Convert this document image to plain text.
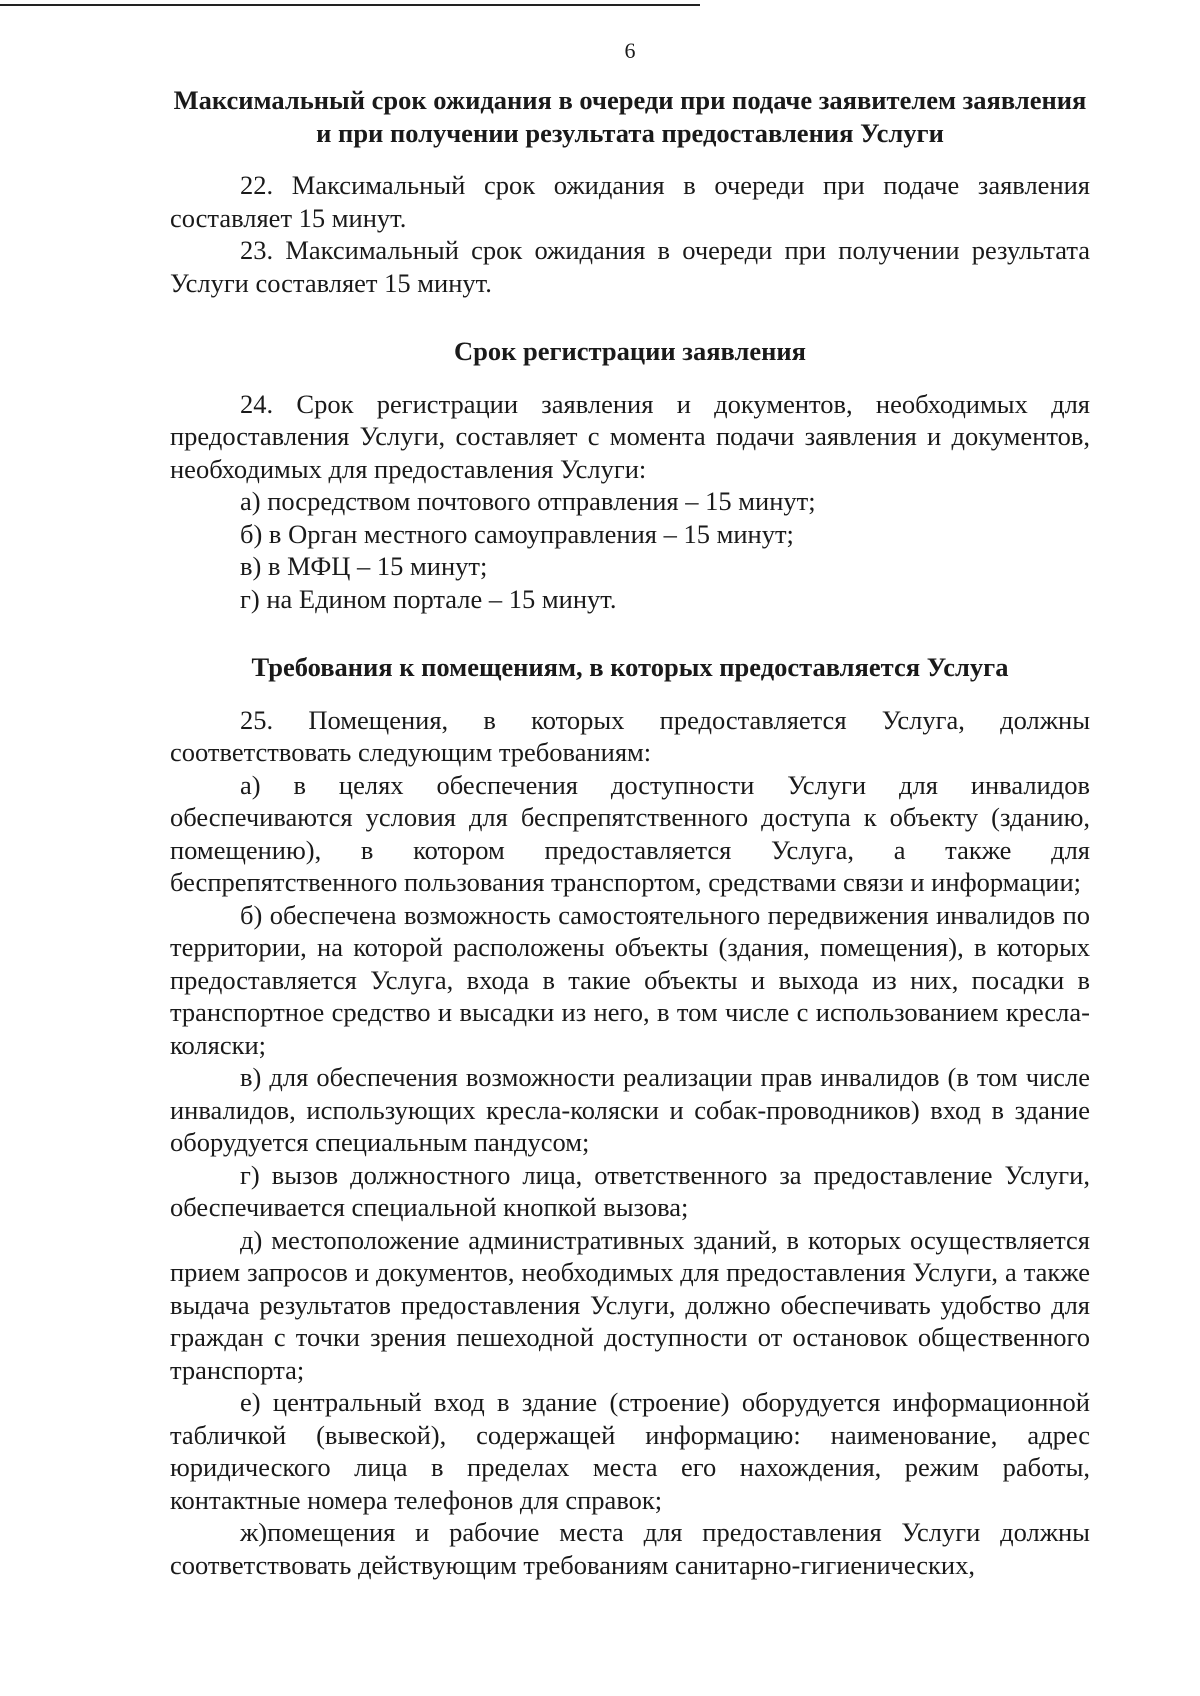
6

Максимальный срок ожидания в очереди при подаче заявителем заявления и при получении результата предоставления Услуги

22. Максимальный срок ожидания в очереди при подаче заявления составляет 15 минут.

23. Максимальный срок ожидания в очереди при получении результата Услуги составляет 15 минут.

Срок регистрации заявления

24. Срок регистрации заявления и документов, необходимых для предоставления Услуги, составляет с момента подачи заявления и документов, необходимых для предоставления Услуги:

а) посредством почтового отправления – 15 минут;

б) в Орган местного самоуправления – 15 минут;

в) в МФЦ – 15 минут;

г) на Едином портале – 15 минут.

Требования к помещениям, в которых предоставляется Услуга

25. Помещения, в которых предоставляется Услуга, должны соответствовать следующим требованиям:

а) в целях обеспечения доступности Услуги для инвалидов обеспечиваются условия для беспрепятственного доступа к объекту (зданию, помещению), в котором предоставляется Услуга, а также для беспрепятственного пользования транспортом, средствами связи и информации;

б) обеспечена возможность самостоятельного передвижения инвалидов по территории, на которой расположены объекты (здания, помещения), в которых предоставляется Услуга, входа в такие объекты и выхода из них, посадки в транспортное средство и высадки из него, в том числе с использованием кресла-коляски;

в) для обеспечения возможности реализации прав инвалидов (в том числе инвалидов, использующих кресла-коляски и собак-проводников) вход в здание оборудуется специальным пандусом;

г) вызов должностного лица, ответственного за предоставление Услуги, обеспечивается специальной кнопкой вызова;

д) местоположение административных зданий, в которых осуществляется прием запросов и документов, необходимых для предоставления Услуги, а также выдача результатов предоставления Услуги, должно обеспечивать удобство для граждан с точки зрения пешеходной доступности от остановок общественного транспорта;

е) центральный вход в здание (строение) оборудуется информационной табличкой (вывеской), содержащей информацию: наименование, адрес юридического лица в пределах места его нахождения, режим работы, контактные номера телефонов для справок;

ж)помещения и рабочие места для предоставления Услуги должны соответствовать действующим требованиям санитарно-гигиенических,
